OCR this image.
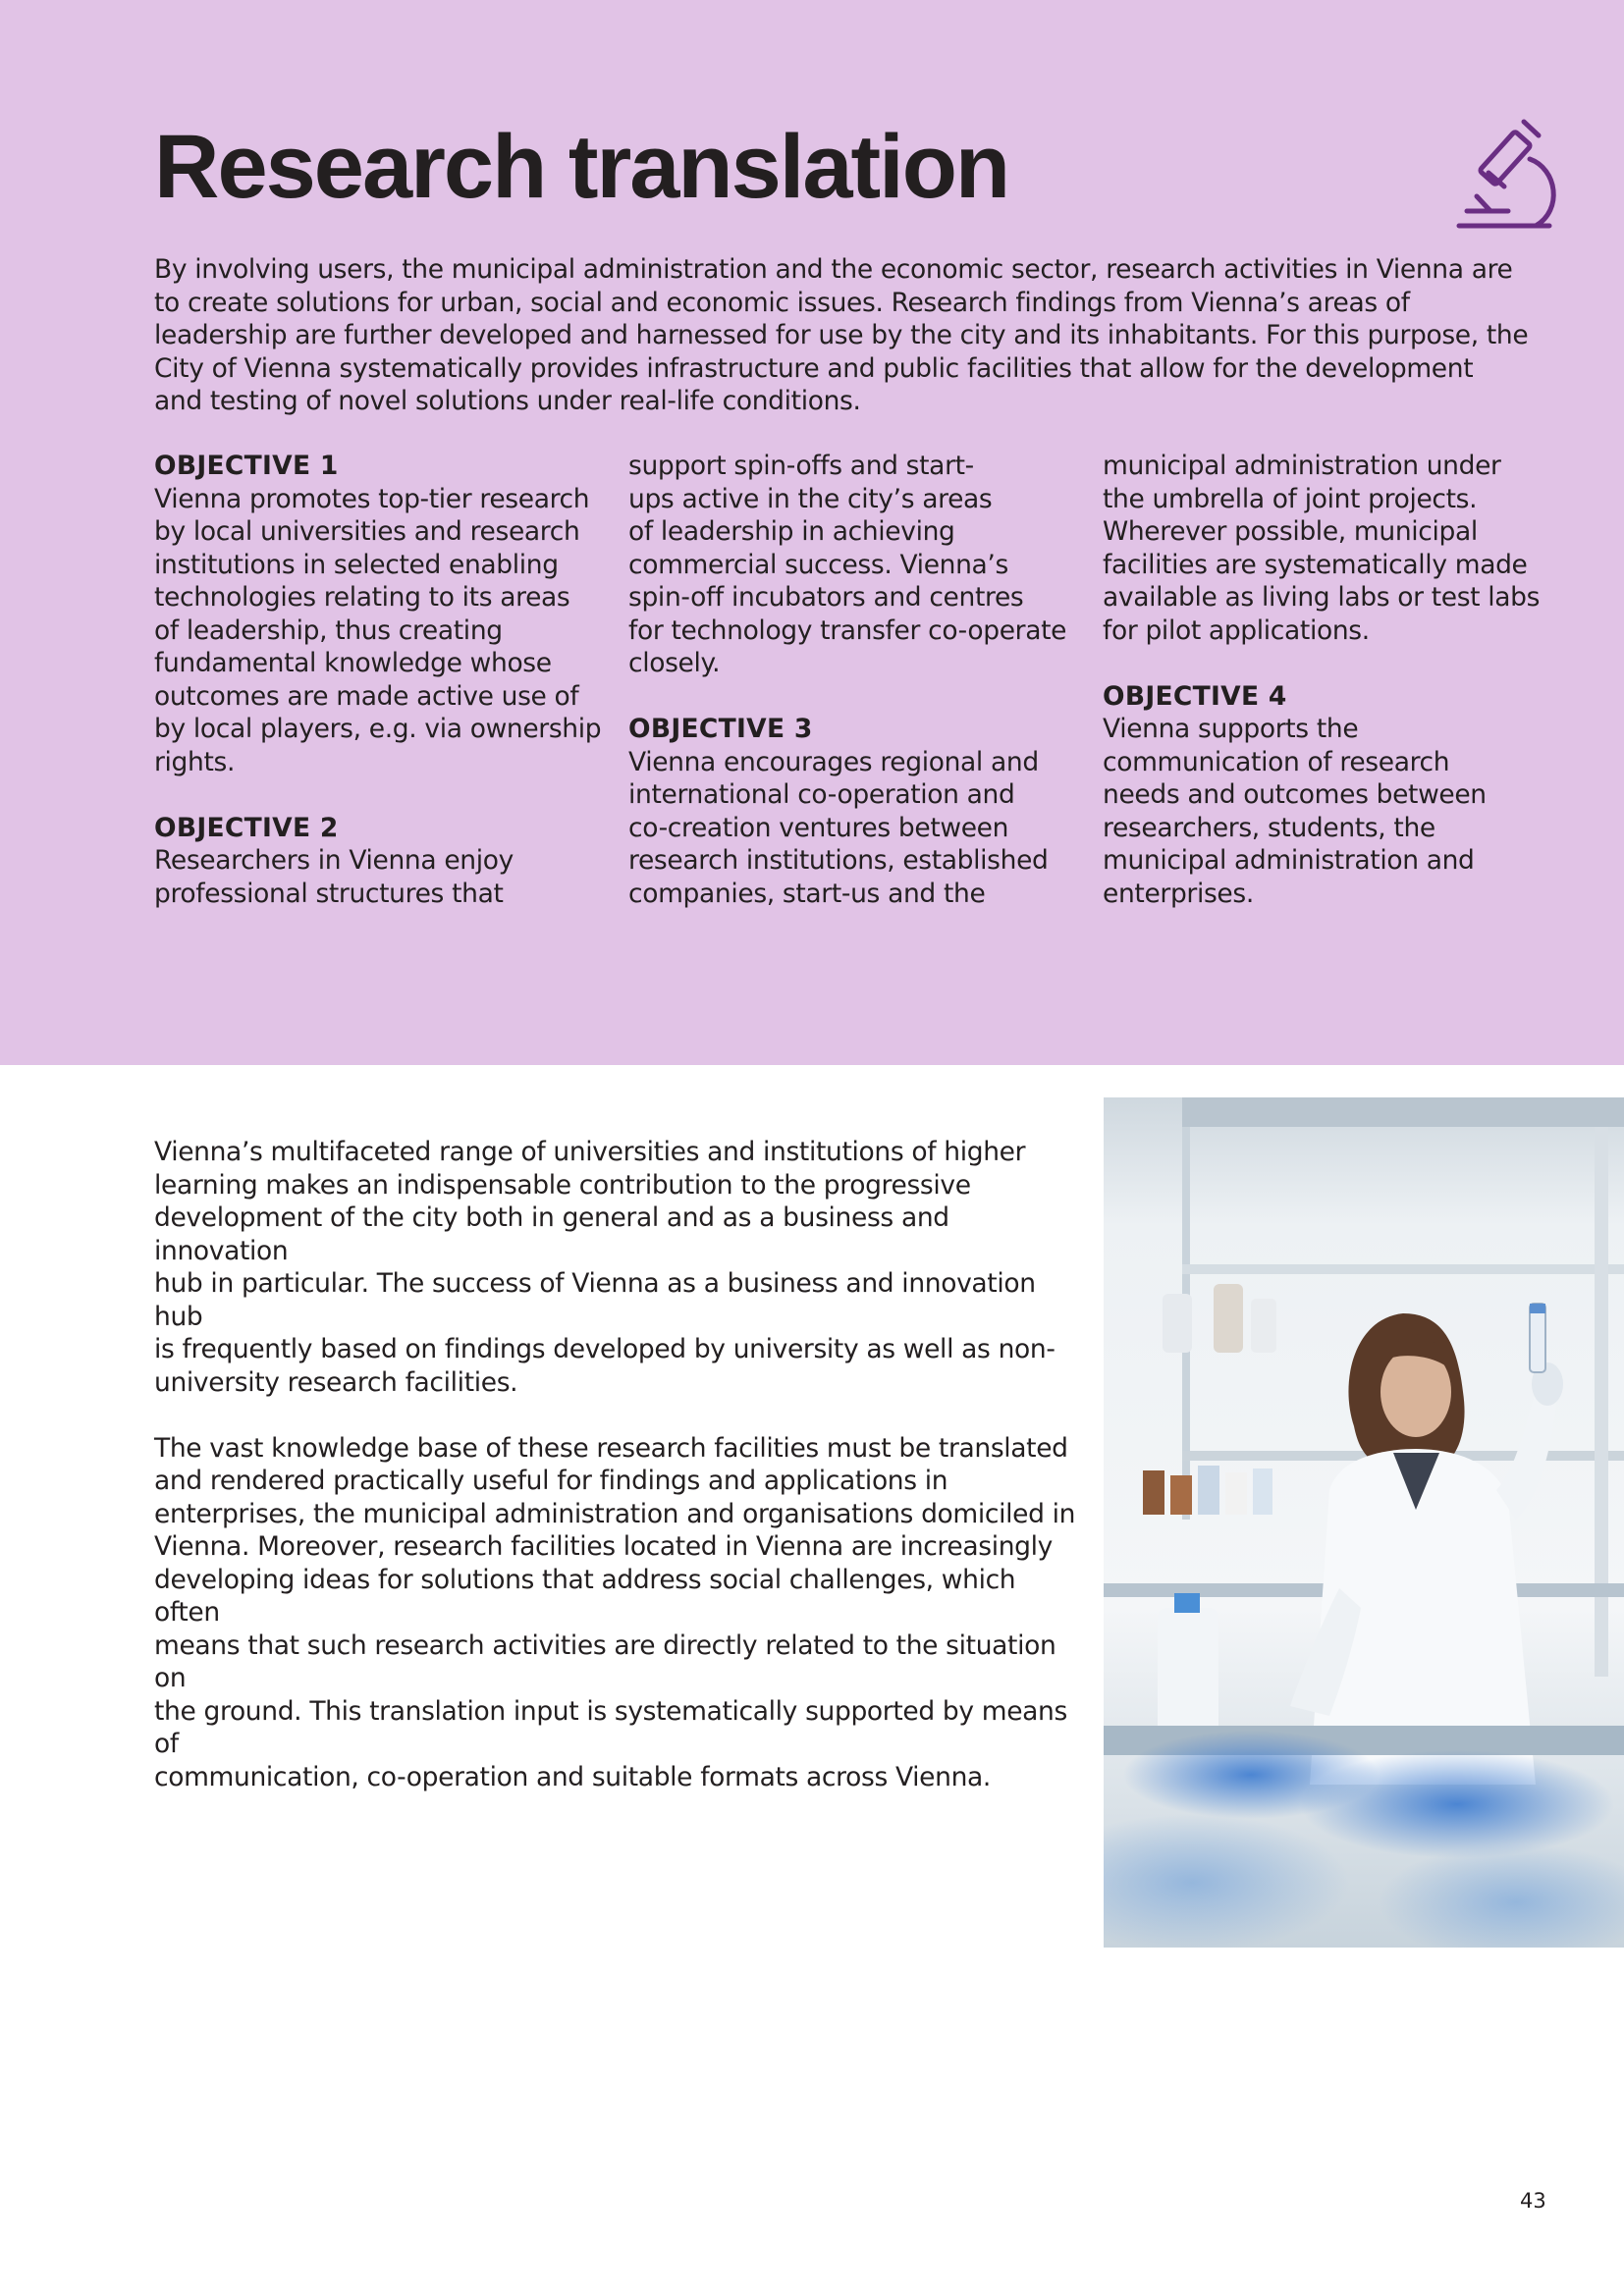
Research translation

By involving users, the municipal administration and the economic sector, research activities in Vienna are to create solutions for urban, social and economic issues. Research findings from Vienna’s areas of leadership are further developed and harnessed for use by the city and its inhabitants. For this purpose, the City of Vienna systematically provides infrastructure and public facilities that allow for the development and testing of novel solutions under real-life conditions.

OBJECTIVE 1

Vienna promotes top-tier research

by local universities and research

institutions in selected enabling

technologies relating to its areas

of leadership, thus creating

fundamental knowledge whose

outcomes are made active use of

by local players, e.g. via ownership

rights.

OBJECTIVE 2

Researchers in Vienna enjoy

professional structures that

support spin-offs and start-

ups active in the city’s areas

of leadership in achieving

commercial success. Vienna’s

spin-off incubators and centres

for technology transfer co-operate

closely.

OBJECTIVE 3

Vienna encourages regional and

international co-operation and

co-creation ventures between

research institutions, established

companies, start-us and the

municipal administration under

the umbrella of joint projects.

Wherever possible, municipal

facilities are systematically made

available as living labs or test labs

for pilot applications.

OBJECTIVE 4

Vienna supports the

communication of research

needs and outcomes between

researchers, students, the

municipal administration and

enterprises.

Vienna’s multifaceted range of universities and institutions of higher
learning makes an indispensable contribution to the progressive
development of the city both in general and as a business and innovation
hub in particular. The success of Vienna as a business and innovation hub
is frequently based on findings developed by university as well as non-
university research facilities.

The vast knowledge base of these research facilities must be translated
and rendered practically useful for findings and applications in
enterprises, the municipal administration and organisations domiciled in
Vienna. Moreover, research facilities located in Vienna are increasingly
developing ideas for solutions that address social challenges, which often
means that such research activities are directly related to the situation on
the ground. This translation input is systematically supported by means of
communication, co-operation and suitable formats across Vienna.

43
